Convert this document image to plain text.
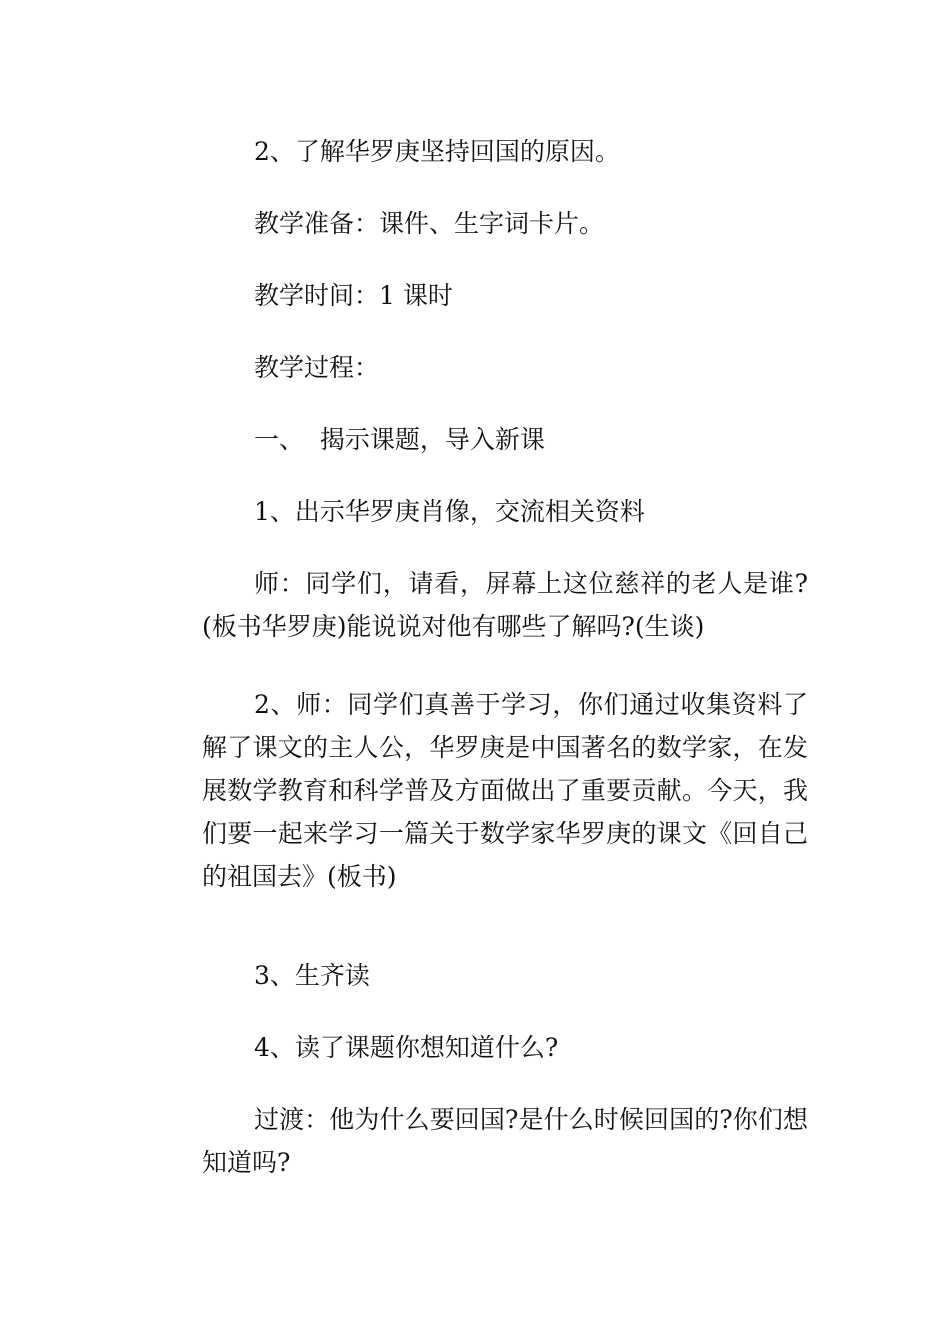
2、了解华罗庚坚持回国的原因。

教学准备：课件、生字词卡片。

教学时间：1 课时

教学过程：

一、  揭示课题，导入新课

1、出示华罗庚肖像，交流相关资料

师：同学们，请看，屏幕上这位慈祥的老人是谁?(板书华罗庚)能说说对他有哪些了解吗?(生谈)

2、师：同学们真善于学习，你们通过收集资料了解了课文的主人公，华罗庚是中国著名的数学家，在发展数学教育和科学普及方面做出了重要贡献。今天，我们要一起来学习一篇关于数学家华罗庚的课文《回自己的祖国去》(板书)

3、生齐读

4、读了课题你想知道什么?

过渡：他为什么要回国?是什么时候回国的?你们想知道吗?
